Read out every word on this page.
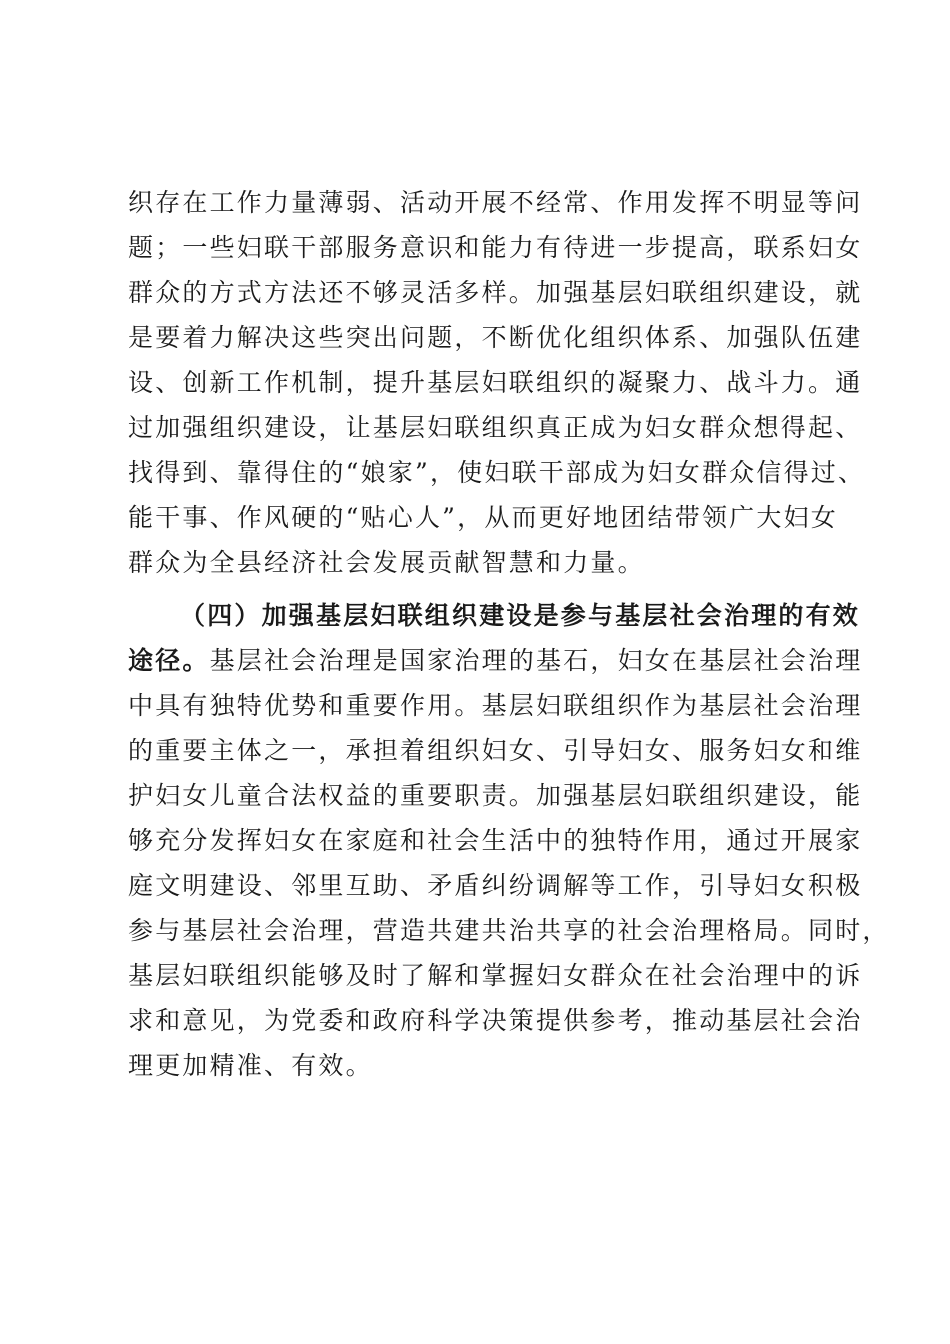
织存在工作力量薄弱、活动开展不经常、作用发挥不明显等问
题；一些妇联干部服务意识和能力有待进一步提高，联系妇女
群众的方式方法还不够灵活多样。加强基层妇联组织建设，就
是要着力解决这些突出问题，不断优化组织体系、加强队伍建
设、创新工作机制，提升基层妇联组织的凝聚力、战斗力。通
过加强组织建设，让基层妇联组织真正成为妇女群众想得起、
找得到、靠得住的“娘家”，使妇联干部成为妇女群众信得过、
能干事、作风硬的“贴心人”，从而更好地团结带领广大妇女
群众为全县经济社会发展贡献智慧和力量。
（四）加强基层妇联组织建设是参与基层社会治理的有效
途径。基层社会治理是国家治理的基石，妇女在基层社会治理
中具有独特优势和重要作用。基层妇联组织作为基层社会治理
的重要主体之一，承担着组织妇女、引导妇女、服务妇女和维
护妇女儿童合法权益的重要职责。加强基层妇联组织建设，能
够充分发挥妇女在家庭和社会生活中的独特作用，通过开展家
庭文明建设、邻里互助、矛盾纠纷调解等工作，引导妇女积极
参与基层社会治理，营造共建共治共享的社会治理格局。同时，
基层妇联组织能够及时了解和掌握妇女群众在社会治理中的诉
求和意见，为党委和政府科学决策提供参考，推动基层社会治
理更加精准、有效。
